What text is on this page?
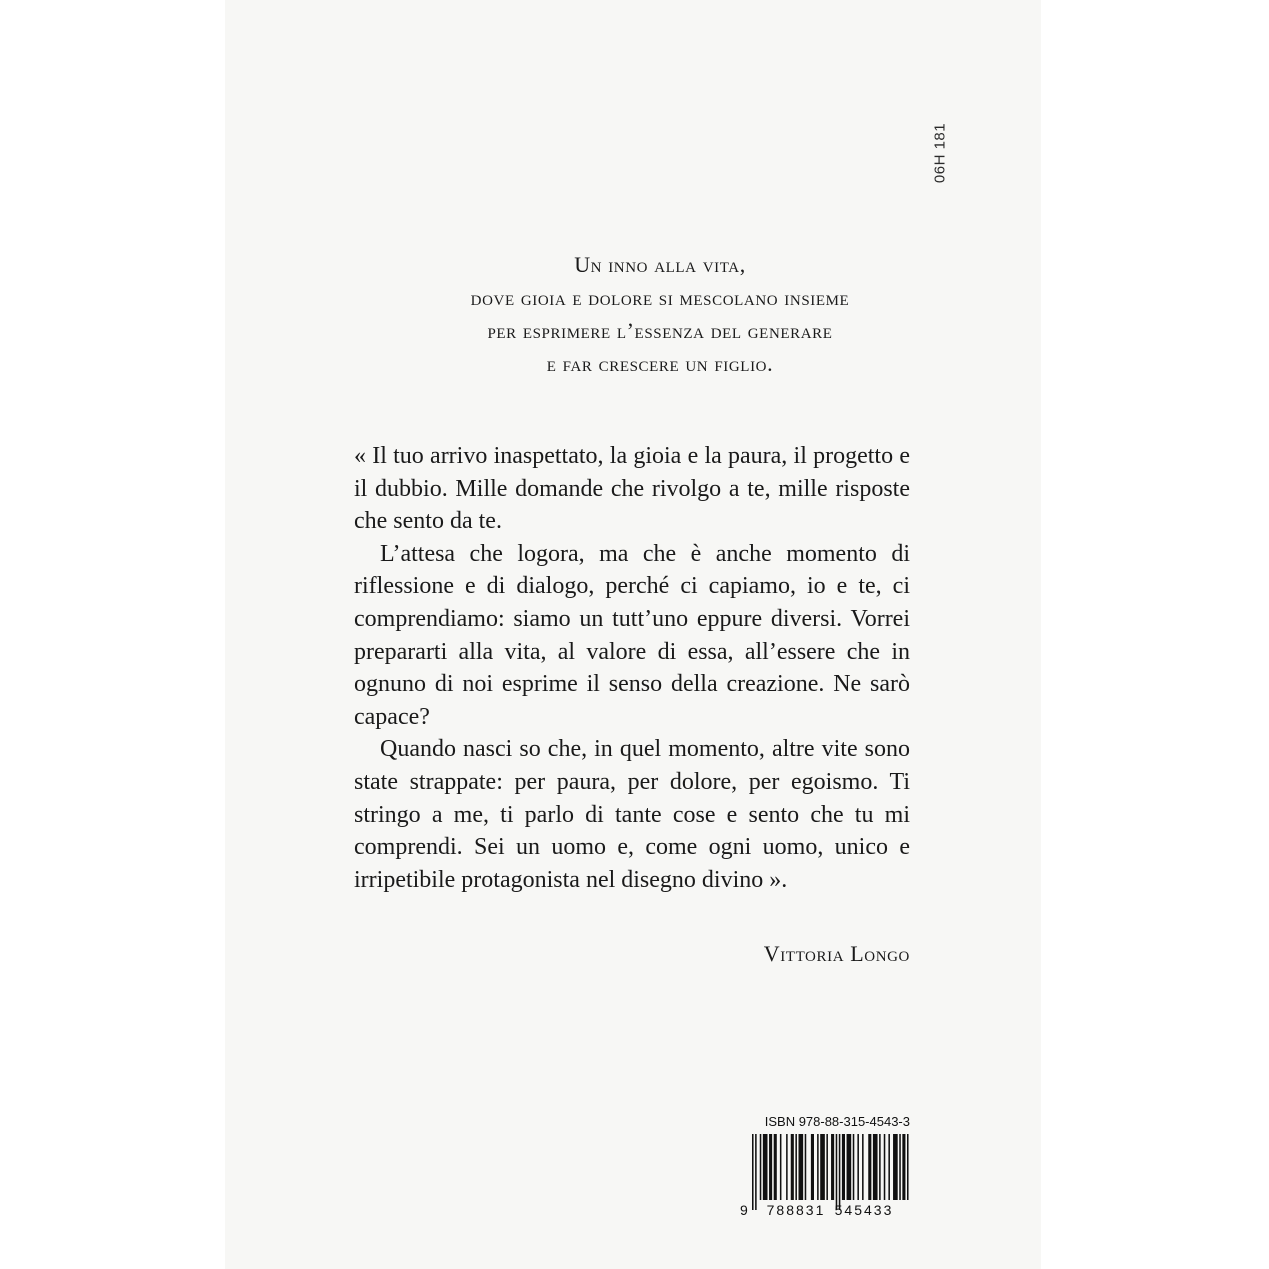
06H 181
Un inno alla vita,
dove gioia e dolore si mescolano insieme
per esprimere l’essenza del generare
e far crescere un figlio.

« Il tuo arrivo inaspettato, la gioia e la paura, il progetto e il dubbio. Mille domande che rivolgo a te, mille risposte che sento da te.

L’attesa che logora, ma che è anche momento di riflessione e di dialogo, perché ci capiamo, io e te, ci comprendiamo: siamo un tutt’uno eppure diversi. Vorrei prepararti alla vita, al valore di essa, all’essere che in ognuno di noi esprime il senso della creazione. Ne sarò capace?

Quando nasci so che, in quel momento, altre vite sono state strappate: per paura, per dolore, per egoismo. Ti stringo a me, ti parlo di tante cose e sento che tu mi comprendi. Sei un uomo e, come ogni uomo, unico e irripetibile protagonista nel disegno divino ».

Vittoria Longo
ISBN 978-88-315-4543-3
9 788831 545433
